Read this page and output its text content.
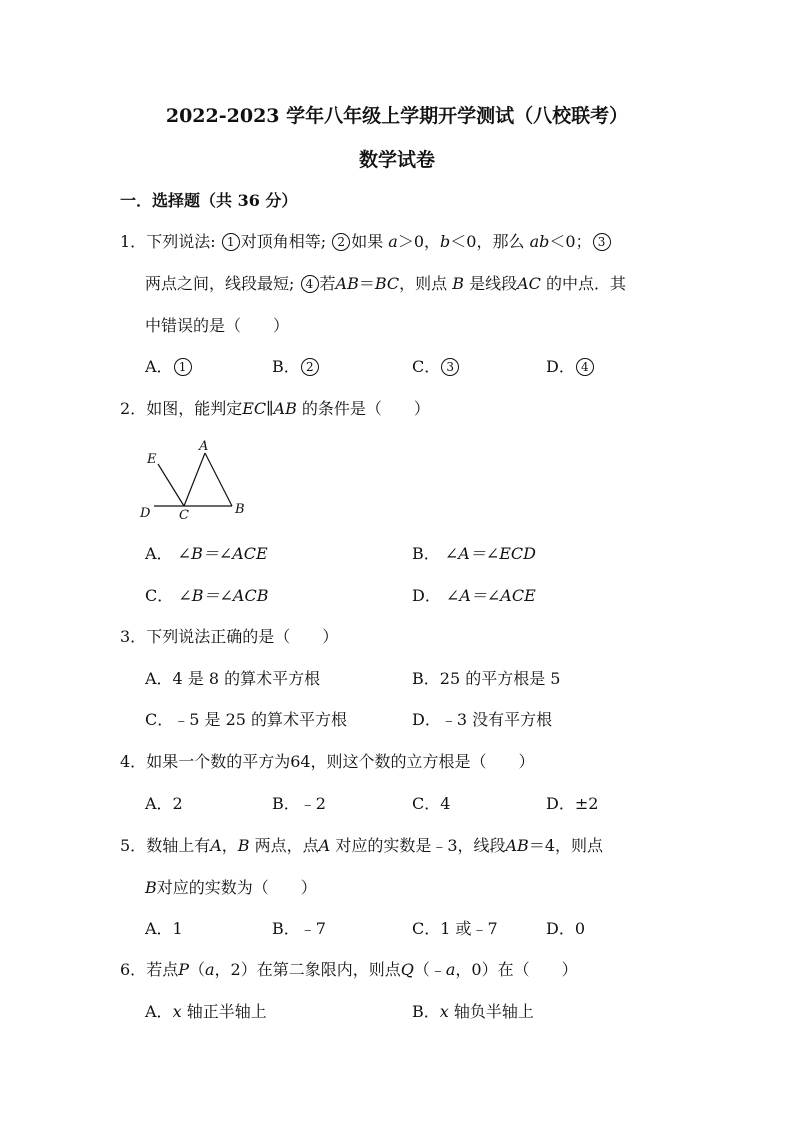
2022-2023 学年八年级上学期开学测试（八校联考）
数学试卷
一．选择题（共 36 分）
1．下列说法: 1 对顶角相等; 2 如果 a＞0，b＜0，那么 ab＜0； 3
两点之间，线段最短; 4 若AB＝BC，则点 B 是线段AC 的中点．其
中错误的是（　　）
A． 1	B． 2	C． 3	D． 4
2．如图，能判定EC∥AB 的条件是（　　）
E
A
D C	B
A． ∠B＝∠ACE	B． ∠A＝∠ECD
C． ∠B＝∠ACB	D． ∠A＝∠ACE
3．下列说法正确的是（　　）
A．4 是 8 的算术平方根	B．25 的平方根是 5
C．﹣5 是 25 的算术平方根	D．﹣3 没有平方根
4．如果一个数的平方为64，则这个数的立方根是（　　）
A．2	B．﹣2	C．4	D．±2
5．数轴上有A，B 两点，点A 对应的实数是﹣3，线段AB＝4，则点
B对应的实数为（　　）
A．1	B．﹣7	C．1 或﹣7	D．0
6．若点P（a，2）在第二象限内，则点Q（﹣a，0）在（　　）
A．x 轴正半轴上	B．x 轴负半轴上
